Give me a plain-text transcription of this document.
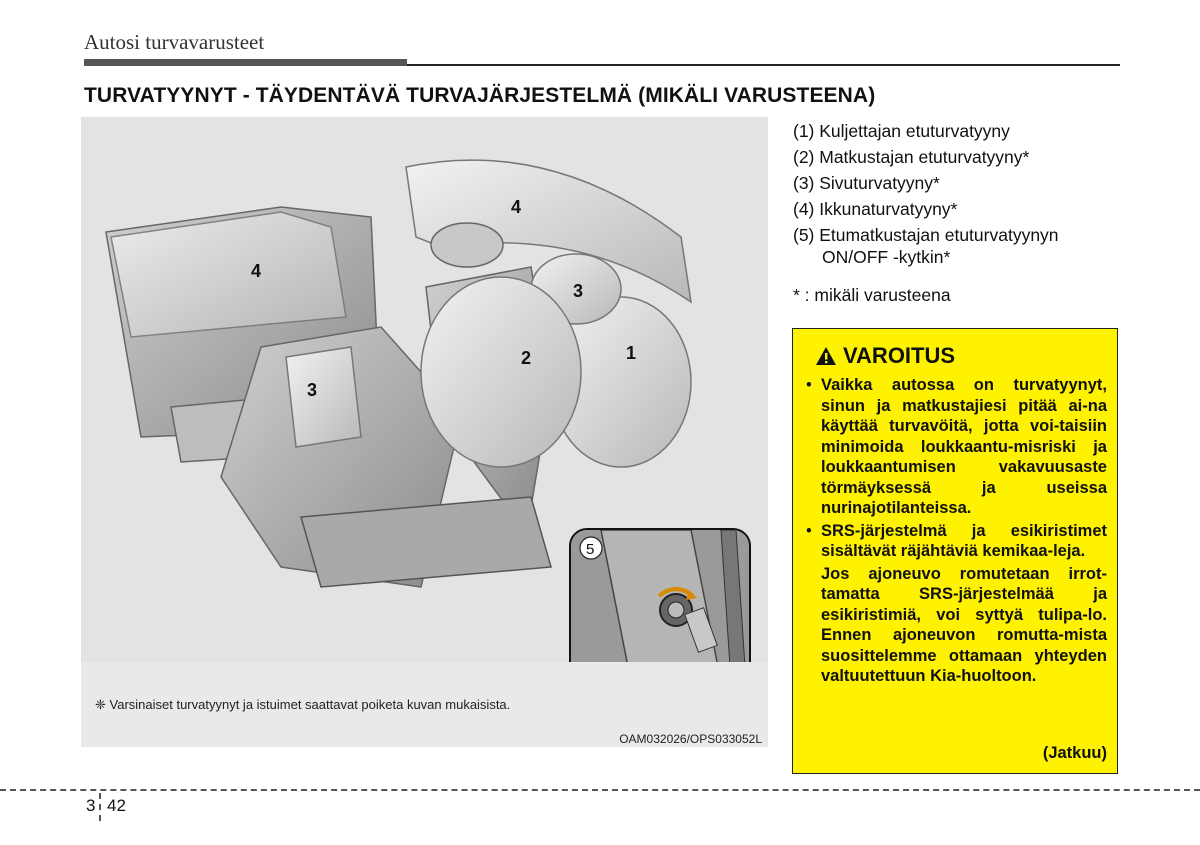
Autosi turvavarusteet
TURVATYYNYT - TÄYDENTÄVÄ TURVAJÄRJESTELMÄ (MIKÄLI VARUSTEENA)
4
4
3
3
2	1
5
❈ Varsinaiset turvatyynyt ja istuimet saattavat poiketa kuvan mukaisista.
OAM032026/OPS033052L
(1) Kuljettajan etuturvatyyny
(2) Matkustajan etuturvatyyny*
(3) Sivuturvatyyny*
(4) Ikkunaturvatyyny*
(5) Etumatkustajan etuturvatyynyn
ON/OFF -kytkin*
* : mikäli varusteena
VAROITUS
• Vaikka autossa on turvatyynyt, sinun ja matkustajiesi pitää ai-na käyttää turvavöitä, jotta voi-taisiin minimoida loukkaantu-misriski ja loukkaantumisen vakavuusaste törmäyksessä ja useissa nurinajotilanteissa.
• SRS-järjestelmä ja esikiristimet sisältävät räjähtäviä kemikaa-leja.
Jos ajoneuvo romutetaan irrot-tamatta SRS-järjestelmää ja esikiristimiä, voi syttyä tulipa-lo. Ennen ajoneuvon romutta-mista suosittelemme ottamaan yhteyden valtuutettuun Kia-huoltoon.
(Jatkuu)
3 42
